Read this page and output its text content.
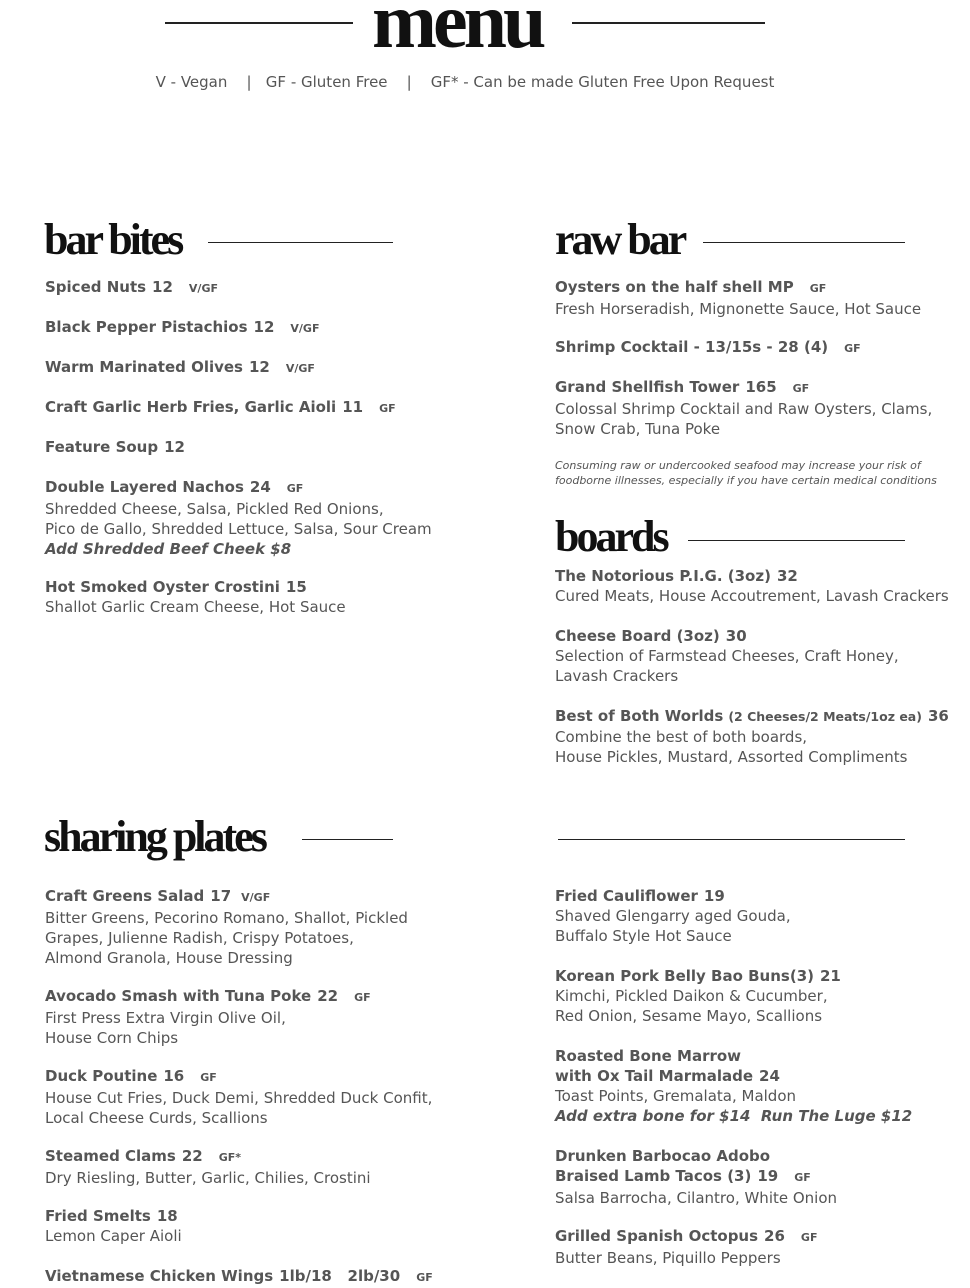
menu
V - Vegan    |   GF - Gluten Free    |    GF* - Can be made Gluten Free Upon Request
bar bites
Spiced Nuts 12 V/GF
Black Pepper Pistachios 12 V/GF
Warm Marinated Olives 12 V/GF
Craft Garlic Herb Fries, Garlic Aioli 11 GF
Feature Soup 12
Double Layered Nachos 24 GF
Shredded Cheese, Salsa, Pickled Red Onions,
Pico de Gallo, Shredded Lettuce, Salsa, Sour Cream
Add Shredded Beef Cheek $8
Hot Smoked Oyster Crostini 15
Shallot Garlic Cream Cheese, Hot Sauce
raw bar
Oysters on the half shell MP GF
Fresh Horseradish, Mignonette Sauce, Hot Sauce
Shrimp Cocktail - 13/15s - 28 (4) GF
Grand Shellfish Tower 165 GF
Colossal Shrimp Cocktail and Raw Oysters, Clams,
Snow Crab, Tuna Poke
Consuming raw or undercooked seafood may increase your risk of
foodborne illnesses, especially if you have certain medical conditions
boards
The Notorious P.I.G. (3oz) 32
Cured Meats, House Accoutrement, Lavash Crackers
Cheese Board (3oz) 30
Selection of Farmstead Cheeses, Craft Honey,
Lavash Crackers
Best of Both Worlds (2 Cheeses/2 Meats/1oz ea) 36
Combine the best of both boards,
House Pickles, Mustard, Assorted Compliments
sharing plates
Craft Greens Salad 17 V/GF
Bitter Greens, Pecorino Romano, Shallot, Pickled
Grapes, Julienne Radish, Crispy Potatoes,
Almond Granola, House Dressing
Avocado Smash with Tuna Poke 22 GF
First Press Extra Virgin Olive Oil,
House Corn Chips
Duck Poutine 16 GF
House Cut Fries, Duck Demi, Shredded Duck Confit,
Local Cheese Curds, Scallions
Steamed Clams 22 GF*
Dry Riesling, Butter, Garlic, Chilies, Crostini
Fried Smelts 18
Lemon Caper Aioli
Vietnamese Chicken Wings 1lb/18   2lb/30 GF
Fried Cauliflower 19
Shaved Glengarry aged Gouda,
Buffalo Style Hot Sauce
Korean Pork Belly Bao Buns(3) 21
Kimchi, Pickled Daikon & Cucumber,
Red Onion, Sesame Mayo, Scallions
Roasted Bone Marrow
with Ox Tail Marmalade 24
Toast Points, Gremalata, Maldon
Add extra bone for $14  Run The Luge $12
Drunken Barbocao Adobo
Braised Lamb Tacos (3) 19 GF
Salsa Barrocha, Cilantro, White Onion
Grilled Spanish Octopus 26 GF
Butter Beans, Piquillo Peppers
